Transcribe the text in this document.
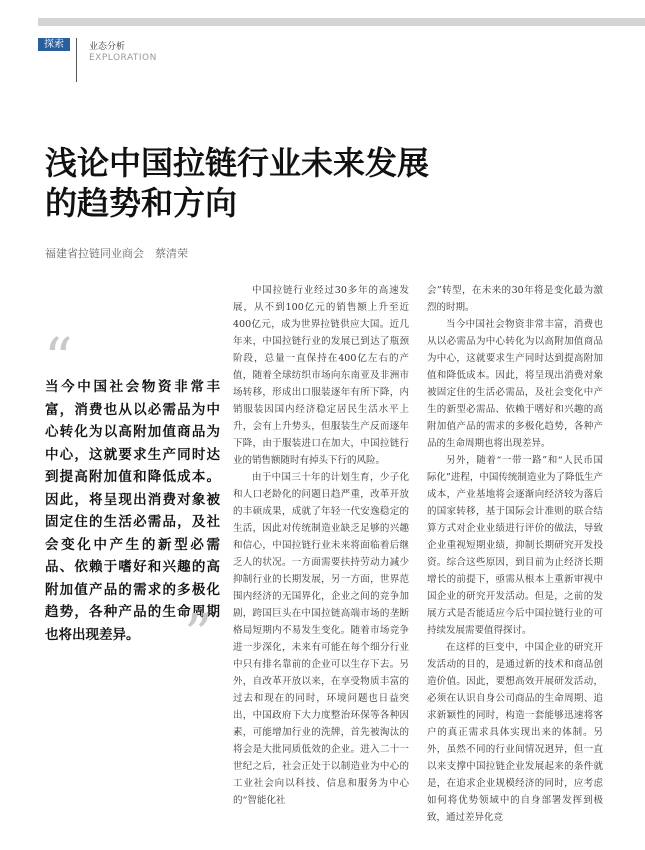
探索	业态分析
EXPLORATION
浅论中国拉链行业未来发展
的趋势和方向
福建省拉链同业商会　蔡清荣
“

当今中国社会物资非常丰富，消费也从以必需品为中心转化为以高附加值商品为中心，这就要求生产同时达到提高附加值和降低成本。因此，将呈现出消费对象被固定住的生活必需品，及社会变化中产生的新型必需品、依赖于嗜好和兴趣的高附加值产品的需求的多极化趋势，各种产品的生命周期也将出现差异。 ”

中国拉链行业经过30多年的高速发展，从不到100亿元的销售额上升至近400亿元，成为世界拉链供应大国。近几年来，中国拉链行业的发展已到达了瓶颈阶段，总量一直保持在400亿左右的产值，随着全球纺织市场向东南亚及非洲市场转移，形成出口服装逐年有所下降，内销服装因国内经济稳定居民生活水平上升，会有上升势头，但服装生产反而逐年下降，由于服装进口在加大，中国拉链行业的销售额随时有掉头下行的风险。

由于中国三十年的计划生育，少子化和人口老龄化的问题日趋严重，改革开放的丰硕成果，成就了年轻一代安逸稳定的生活，因此对传统制造业缺乏足够的兴趣和信心，中国拉链行业未来将面临着后继乏人的状况。一方面需要扶持劳动力减少抑制行业的长期发展，另一方面，世界范围内经济的无国界化，企业之间的竞争加剧，跨国巨头在中国拉链高端市场的垄断格局短期内不易发生变化。随着市场竞争进一步深化，未来有可能在每个细分行业中只有排名靠前的企业可以生存下去。另外，自改革开放以来，在享受物质丰富的过去和现在的同时，环境问题也日益突出，中国政府下大力度整治环保等各种因素，可能增加行业的洗牌，首先被淘汰的将会是大批同质低效的企业。进入二十一世纪之后，社会正处于以制造业为中心的工业社会向以科技、信息和服务为中心的“智能化社

会”转型，在未来的30年将是变化最为激烈的时期。

当今中国社会物资非常丰富，消费也从以必需品为中心转化为以高附加值商品为中心，这就要求生产同时达到提高附加值和降低成本。因此，将呈现出消费对象被固定住的生活必需品，及社会变化中产生的新型必需品、依赖于嗜好和兴趣的高附加值产品的需求的多极化趋势，各种产品的生命周期也将出现差异。

另外，随着“一带一路”和“人民币国际化”进程，中国传统制造业为了降低生产成本，产业基地将会逐渐向经济较为落后的国家转移，基于国际会计准则的联合结算方式对企业业绩进行评价的做法，导致企业重视短期业绩，抑制长期研究开发投资。综合这些原因，到目前为止经济长期增长的前提下，亟需从根本上重新审视中国企业的研究开发活动。但是，之前的发展方式是否能适应今后中国拉链行业的可持续发展需要值得探讨。

在这样的巨变中，中国企业的研究开发活动的目的，是通过新的技术和商品创造价值。因此，要想高效开展研发活动，必须在认识自身公司商品的生命周期、追求新颖性的同时，构造一套能够迅速将客户的真正需求具体实现出来的体制。另外，虽然不同的行业间情况迥异，但一直以来支撑中国拉链企业发展起来的条件就是，在追求企业规模经济的同时，应考虑如何将优势领域中的自身部署发挥到极致，通过差异化竞
